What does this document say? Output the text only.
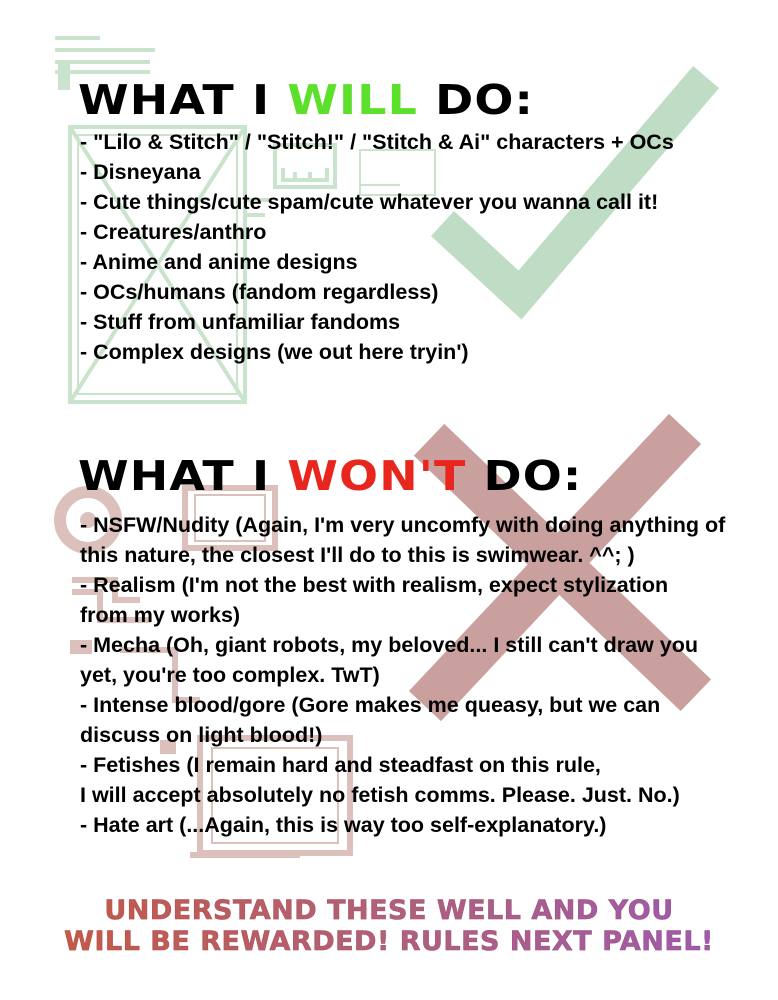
WHAT I WILL DO:
- "Lilo & Stitch" / "Stitch!" / "Stitch & Ai" characters + OCs
- Disneyana
- Cute things/cute spam/cute whatever you wanna call it!
- Creatures/anthro
- Anime and anime designs
- OCs/humans (fandom regardless)
- Stuff from unfamiliar fandoms
- Complex designs (we out here tryin')
WHAT I WON'T DO:
- NSFW/Nudity (Again, I'm very uncomfy with doing anything of
this nature, the closest I'll do to this is swimwear. ^^; )
- Realism (I'm not the best with realism, expect stylization
from my works)
- Mecha (Oh, giant robots, my beloved... I still can't draw you
yet, you're too complex. TwT)
- Intense blood/gore (Gore makes me queasy, but we can
discuss on light blood!)
- Fetishes (I remain hard and steadfast on this rule,
I will accept absolutely no fetish comms. Please. Just. No.)
- Hate art (...Again, this is way too self-explanatory.)
UNDERSTAND THESE WELL AND YOU
WILL BE REWARDED! RULES NEXT PANEL!
